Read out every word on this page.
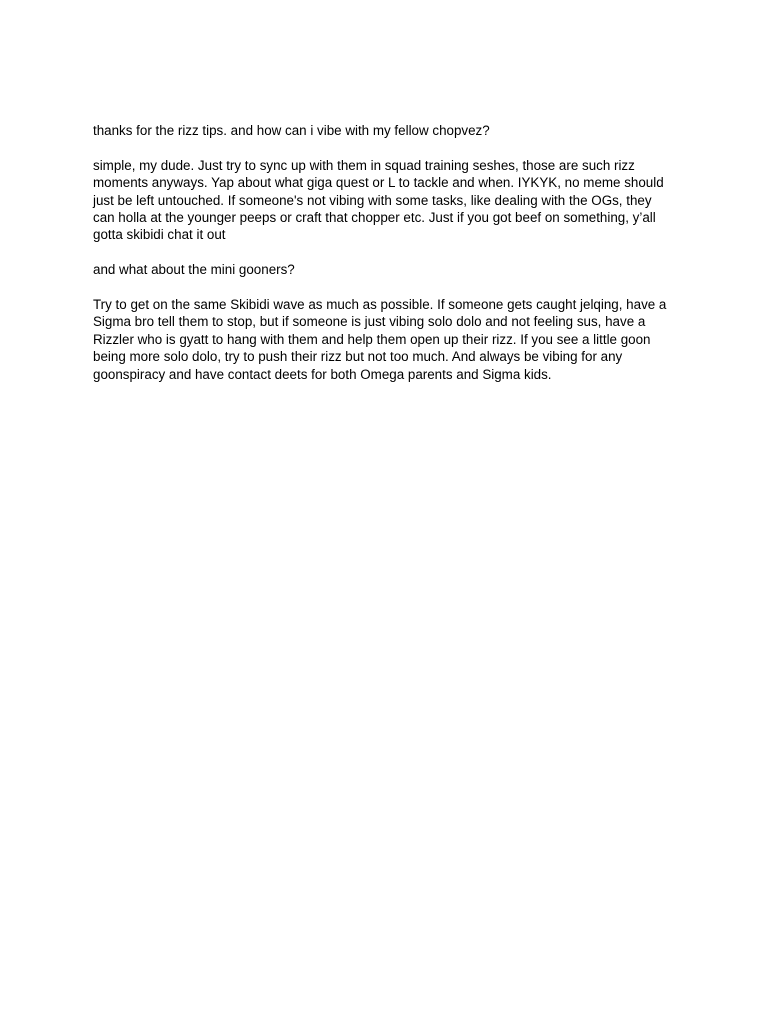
thanks for the rizz tips. and how can i vibe with my fellow chopvez?

simple, my dude. Just try to sync up with them in squad training seshes, those are such rizz moments anyways. Yap about what giga quest or L to tackle and when. IYKYK, no meme should just be left untouched. If someone's not vibing with some tasks, like dealing with the OGs, they can holla at the younger peeps or craft that chopper etc. Just if you got beef on something, y’all gotta skibidi chat it out

and what about the mini gooners?

Try to get on the same Skibidi wave as much as possible. If someone gets caught jelqing, have a Sigma bro tell them to stop, but if someone is just vibing solo dolo and not feeling sus, have a Rizzler who is gyatt to hang with them and help them open up their rizz. If you see a little goon being more solo dolo, try to push their rizz but not too much. And always be vibing for any goonspiracy and have contact deets for both Omega parents and Sigma kids.
